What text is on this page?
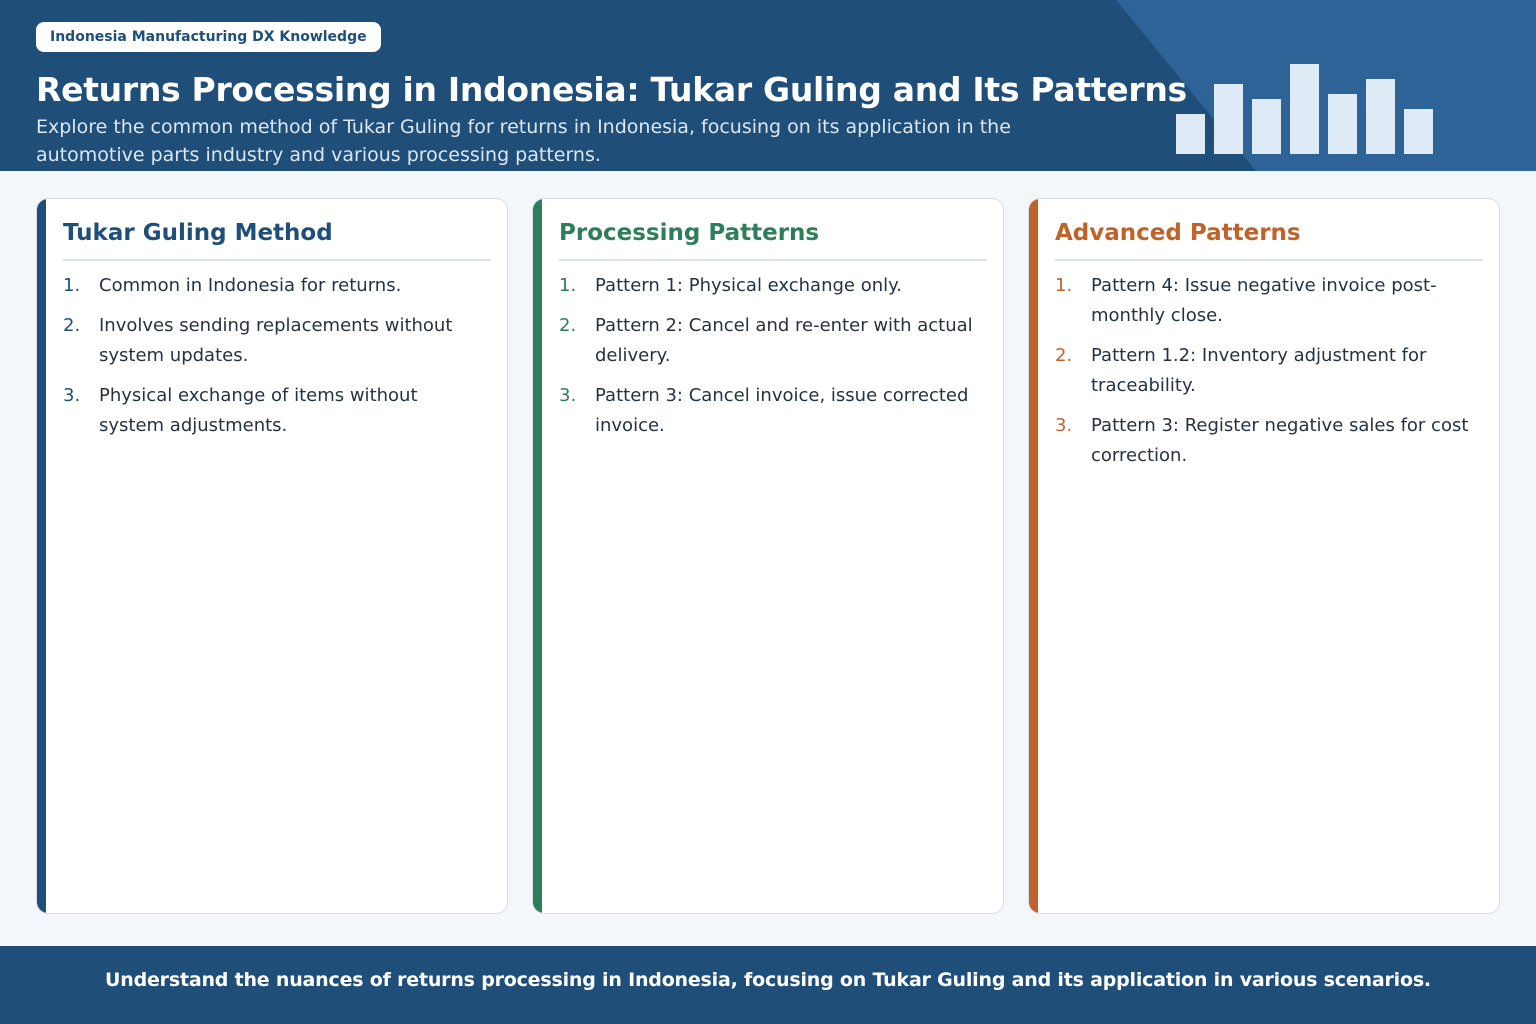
Indonesia Manufacturing DX Knowledge
Returns Processing in Indonesia: Tukar Guling and Its Patterns

Explore the common method of Tukar Guling for returns in Indonesia, focusing on its application in the automotive parts industry and various processing patterns.

Tukar Guling Method
1. Common in Indonesia for returns.
2. Involves sending replacements without system updates.
3. Physical exchange of items without system adjustments.
Processing Patterns
1. Pattern 1: Physical exchange only.
2. Pattern 2: Cancel and re-enter with actual delivery.
3. Pattern 3: Cancel invoice, issue corrected invoice.
Advanced Patterns
1. Pattern 4: Issue negative invoice post-monthly close.
2. Pattern 1.2: Inventory adjustment for traceability.
3. Pattern 3: Register negative sales for cost correction.
Understand the nuances of returns processing in Indonesia, focusing on Tukar Guling and its application in various scenarios.
